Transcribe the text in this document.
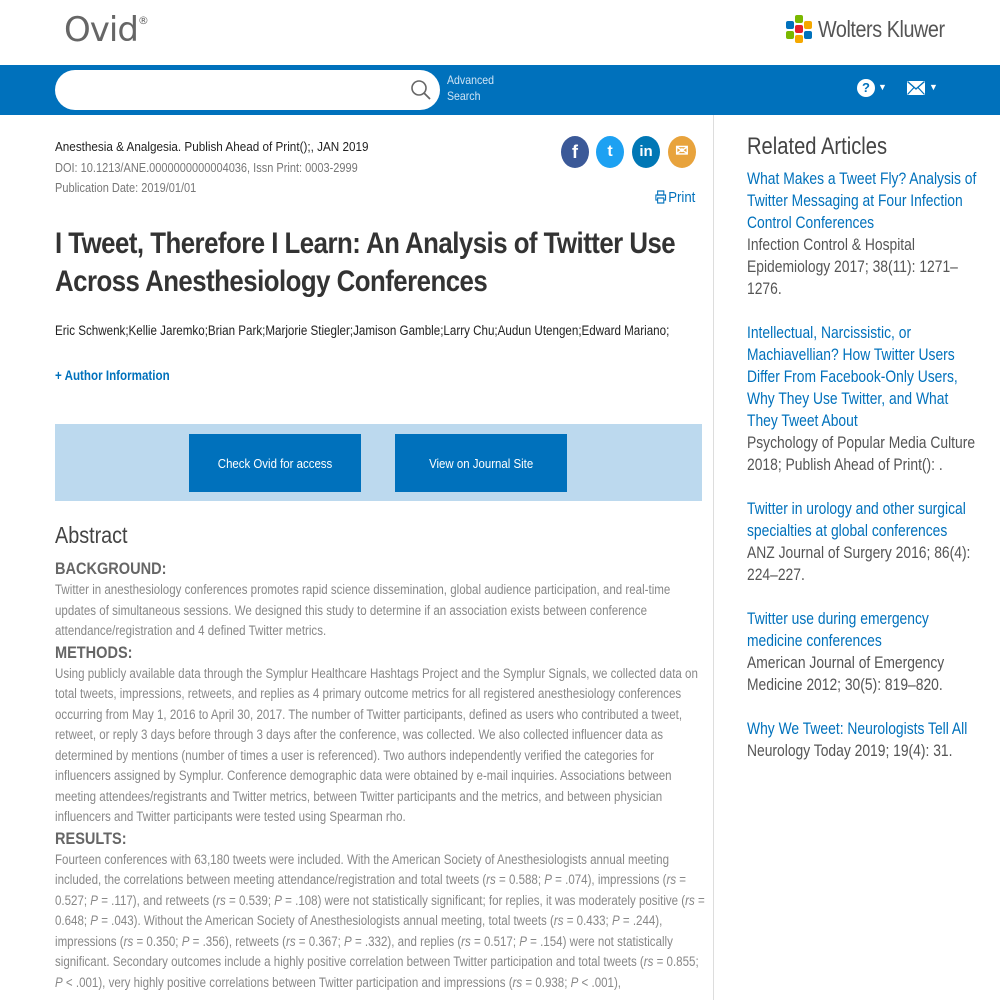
Ovid®	Wolters Kluwer
Advanced
Search
? ▼	▼
Anesthesia & Analgesia. Publish Ahead of Print();, JAN 2019
DOI: 10.1213/ANE.0000000000004036, Issn Print: 0003-2999
Publication Date: 2019/01/01
f	t	in	✉
Print
I Tweet, Therefore I Learn: An Analysis of Twitter Use Across Anesthesiology Conferences
Eric Schwenk;Kellie Jaremko;Brian Park;Marjorie Stiegler;Jamison Gamble;Larry Chu;Audun Utengen;Edward Mariano;
+ Author Information
Check Ovid for access	View on Journal Site
Abstract
BACKGROUND:

Twitter in anesthesiology conferences promotes rapid science dissemination, global audience participation, and real-time updates of simultaneous sessions. We designed this study to determine if an association exists between conference attendance/registration and 4 defined Twitter metrics.

METHODS:

Using publicly available data through the Symplur Healthcare Hashtags Project and the Symplur Signals, we collected data on total tweets, impressions, retweets, and replies as 4 primary outcome metrics for all registered anesthesiology conferences occurring from May 1, 2016 to April 30, 2017. The number of Twitter participants, defined as users who contributed a tweet, retweet, or reply 3 days before through 3 days after the conference, was collected. We also collected influencer data as determined by mentions (number of times a user is referenced). Two authors independently verified the categories for influencers assigned by Symplur. Conference demographic data were obtained by e-mail inquiries. Associations between meeting attendees/registrants and Twitter metrics, between Twitter participants and the metrics, and between physician influencers and Twitter participants were tested using Spearman rho.

RESULTS:

Fourteen conferences with 63,180 tweets were included. With the American Society of Anesthesiologists annual meeting included, the correlations between meeting attendance/registration and total tweets (rs = 0.588; P = .074), impressions (rs = 0.527; P = .117), and retweets (rs = 0.539; P = .108) were not statistically significant; for replies, it was moderately positive (rs = 0.648; P = .043). Without the American Society of Anesthesiologists annual meeting, total tweets (rs = 0.433; P = .244), impressions (rs = 0.350; P = .356), retweets (rs = 0.367; P = .332), and replies (rs = 0.517; P = .154) were not statistically significant. Secondary outcomes include a highly positive correlation between Twitter participation and total tweets (rs = 0.855; P < .001), very highly positive correlations between Twitter participation and impressions (rs = 0.938; P < .001),

Related Articles
What Makes a Tweet Fly? Analysis of Twitter Messaging at Four Infection Control Conferences
Infection Control & Hospital Epidemiology 2017; 38(11): 1271–1276.
Intellectual, Narcissistic, or Machiavellian? How Twitter Users Differ From Facebook-Only Users, Why They Use Twitter, and What They Tweet About
Psychology of Popular Media Culture 2018; Publish Ahead of Print(): .
Twitter in urology and other surgical specialties at global conferences
ANZ Journal of Surgery 2016; 86(4): 224–227.
Twitter use during emergency medicine conferences
American Journal of Emergency Medicine 2012; 30(5): 819–820.
Why We Tweet: Neurologists Tell All
Neurology Today 2019; 19(4): 31.
